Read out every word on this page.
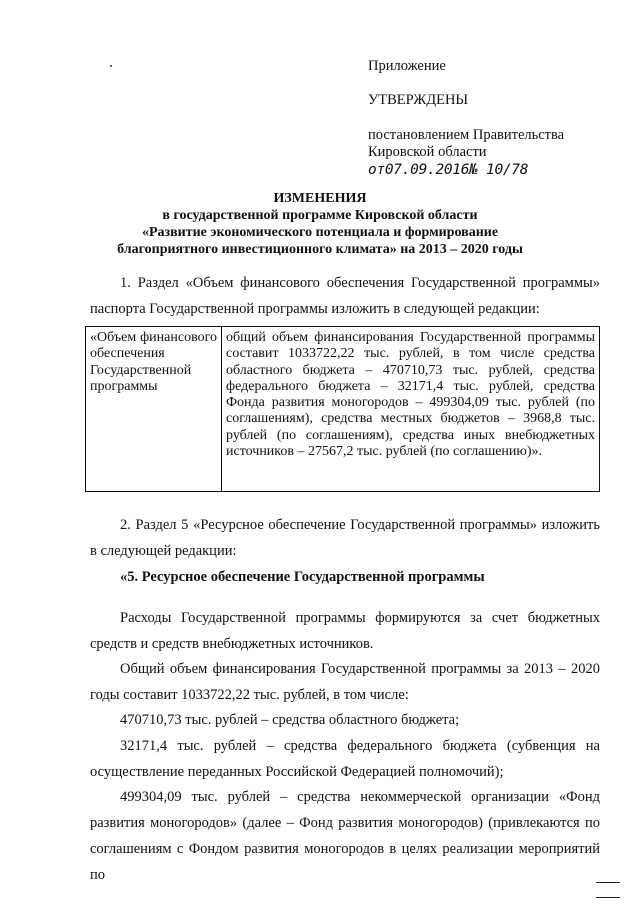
Приложение
УТВЕРЖДЕНЫ
постановлением Правительства
Кировской области
от07.09.2016№ 10/78
ИЗМЕНЕНИЯ
в государственной программе Кировской области
«Развитие экономического потенциала и формирование
благоприятного инвестиционного климата» на 2013 – 2020 годы
1. Раздел «Объем финансового обеспечения Государственной программы» паспорта Государственной программы изложить в следующей редакции:
«Объем финансового обеспечения Государственной программы	общий объем финансирования Государственной программы составит 1033722,22 тыс. рублей, в том числе средства областного бюджета – 470710,73 тыс. рублей, средства федерального бюджета – 32171,4 тыс. рублей, средства Фонда развития моногородов – 499304,09 тыс. рублей (по соглашениям), средства местных бюджетов – 3968,8 тыс. рублей (по соглашениям), средства иных внебюджетных источников – 27567,2 тыс. рублей (по соглашению)».
2. Раздел 5 «Ресурсное обеспечение Государственной программы» изложить в следующей редакции:
«5. Ресурсное обеспечение Государственной программы
Расходы Государственной программы формируются за счет бюджетных средств и средств внебюджетных источников.
Общий объем финансирования Государственной программы за 2013 – 2020 годы составит 1033722,22 тыс. рублей, в том числе:
470710,73 тыс. рублей – средства областного бюджета;
32171,4 тыс. рублей – средства федерального бюджета (субвенция на осуществление переданных Российской Федерацией полномочий);
499304,09 тыс. рублей – средства некоммерческой организации «Фонд развития моногородов» (далее – Фонд развития моногородов) (привлекаются по соглашениям с Фондом развития моногородов в целях реализации мероприятий по
